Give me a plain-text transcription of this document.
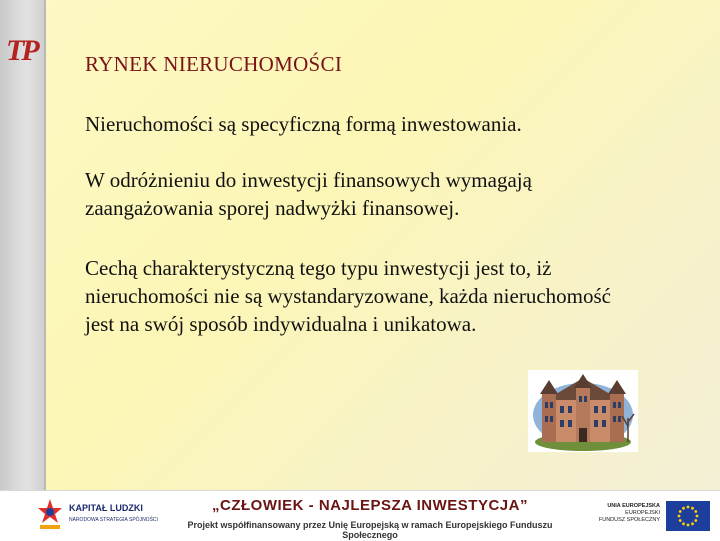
TP RYNEK NIERUCHOMOŚCI
Nieruchomości są specyficzną formą inwestowania.
W odróżnieniu do inwestycji finansowych wymagają zaangażowania sporej nadwyżki finansowej.
Cechą charakterystyczną tego typu inwestycji jest to, iż nieruchomości nie są wystandaryzowane, każda nieruchomość jest na swój sposób indywidualna i unikatowa.
KAPITAŁ LUDZKI
NARODOWA STRATEGIA SPÓJNOŚCI
„CZŁOWIEK - NAJLEPSZA INWESTYCJA”
Projekt współfinansowany przez Unię Europejską w ramach Europejskiego Funduszu Społecznego
UNIA EUROPEJSKA
EUROPEJSKI
FUNDUSZ SPOŁECZNY
